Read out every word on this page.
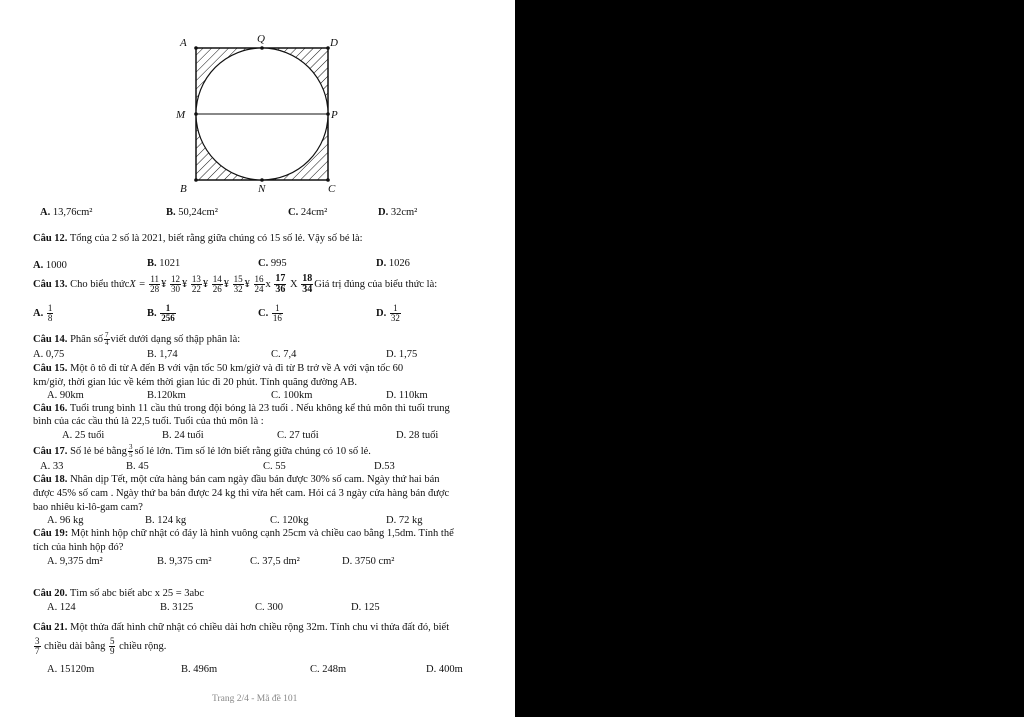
A	Q	D
M	P
B	N	C
A. 13,76cm²	B. 50,24cm²	C. 24cm²	D. 32cm²
Câu 12. Tổng của 2 số là 2021, biết rằng giữa chúng có 15 số lẻ. Vậy số bé là:
A. 1000	B. 1021	C. 995	D. 1026
Câu 13. Cho biểu thứcX = $\frac{11}{28}$ ¥ $\frac{12}{30}$ ¥ $\frac{13}{22}$ ¥ $\frac{14}{26}$ ¥ $\frac{15}{32}$ ¥ $\frac{16}{24}$ x $\frac{17}{36}$ X $\frac{18}{34}$ Giá trị đúng của biểu thức là:
A. $\frac{1}{8}$	B. $\frac{1}{256}$	C. $\frac{1}{16}$	D. $\frac{1}{32}$
Câu 14. Phân số $\frac{7}{4}$ viết dưới dạng số thập phân là:
A. 0,75	B. 1,74	C. 7,4	D. 1,75
Câu 15. Một ô tô đi từ A đến B với vận tốc 50 km/giờ và đi từ B trở về A với vận tốc 60
km/giờ, thời gian lúc về kém thời gian lúc đi 20 phút. Tính quãng đường AB.
A. 90km	B.120km	C. 100km	D. 110km
Câu 16. Tuổi trung bình 11 cầu thủ trong đội bóng là 23 tuổi . Nếu không kể thủ môn thì tuổi trung
bình của các cầu thủ là 22,5 tuổi. Tuổi của thủ môn là :
A. 25 tuổi	B. 24 tuổi	C. 27 tuổi	D. 28 tuổi
Câu 17. Số lẻ bé bằng $\frac{3}{5}$ số lẻ lớn. Tìm số lẻ lớn biết rằng giữa chúng có 10 số lẻ.
A. 33	B. 45	C. 55	D.53
Câu 18. Nhân dịp Tết, một cửa hàng bán cam ngày đầu bán được 30% số cam. Ngày thứ hai bán
được 45% số cam . Ngày thứ ba bán được 24 kg thì vừa hết cam. Hỏi cả 3 ngày cửa hàng bán được
bao nhiêu ki-lô-gam cam?
A. 96 kg	B. 124 kg	C. 120kg	D. 72 kg
Câu 19: Một hình hộp chữ nhật có đáy là hình vuông cạnh 25cm và chiều cao bằng 1,5dm. Tính thể
tích của hình hộp đó?
A. 9,375 dm²	B. 9,375 cm²	C. 37,5 dm²	D. 3750 cm²
Câu 20. Tìm số abc biết abc x 25 = 3abc
A. 124	B. 3125	C. 300	D. 125
Câu 21. Một thửa đất hình chữ nhật có chiều dài hơn chiều rộng 32m. Tính chu vi thửa đất đó, biết
$\frac{3}{7}$ chiều dài bằng $\frac{5}{9}$ chiều rộng.
A. 15120m	B. 496m	C. 248m	D. 400m
Trang 2/4 - Mã đề 101
